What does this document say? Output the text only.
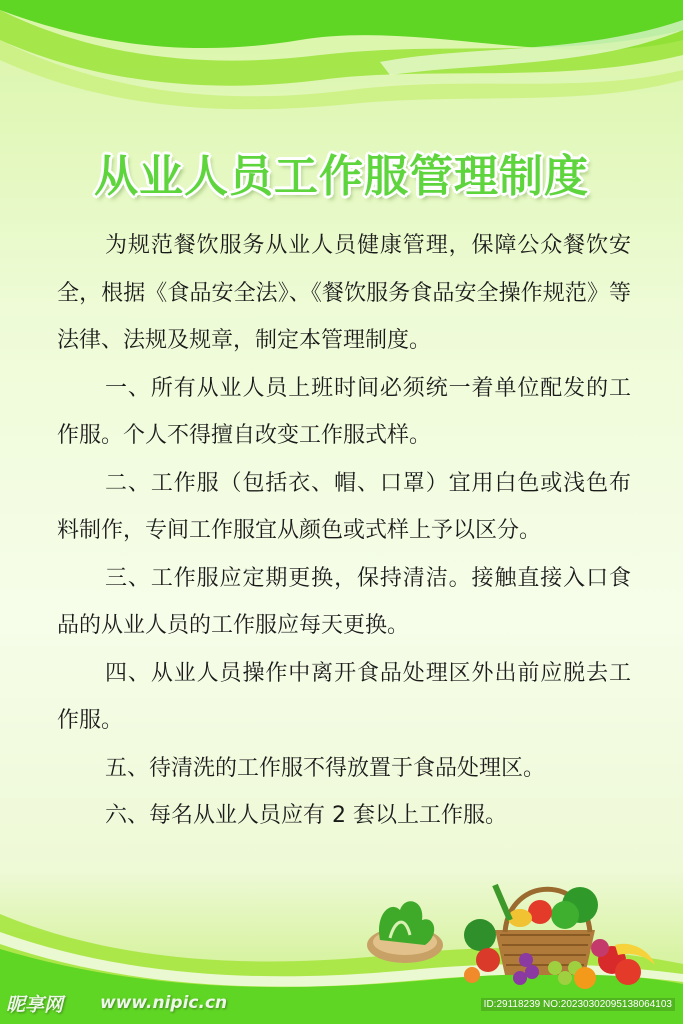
从业人员工作服管理制度

为规范餐饮服务从业人员健康管理，保障公众餐饮安全，根据《食品安全法》、《餐饮服务食品安全操作规范》等法律、法规及规章，制定本管理制度。

一、所有从业人员上班时间必须统一着单位配发的工作服。个人不得擅自改变工作服式样。

二、工作服（包括衣、帽、口罩）宜用白色或浅色布料制作，专间工作服宜从颜色或式样上予以区分。

三、工作服应定期更换，保持清洁。接触直接入口食品的从业人员的工作服应每天更换。

四、从业人员操作中离开食品处理区外出前应脱去工作服。

五、待清洗的工作服不得放置于食品处理区。

六、每名从业人员应有 2 套以上工作服。

昵享网 www.nipic.cn	ID:29118239 NO:20230302095138064103
